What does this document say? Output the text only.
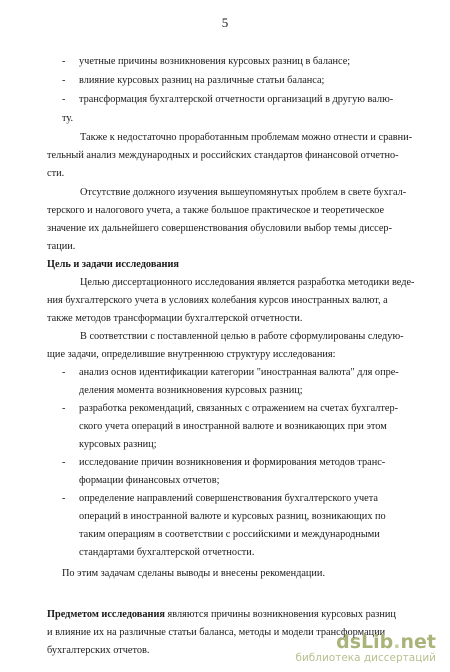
5
- учетные причины возникновения курсовых разниц в балансе;
- влияние курсовых разниц на различные статьи баланса;
- трансформация бухгалтерской отчетности организаций в другую валю-
ту.
Также к недостаточно проработанным проблемам можно отнести и сравни-
тельный анализ международных и российских стандартов финансовой отчетно-
сти.
Отсутствие должного изучения вышеупомянутых проблем в свете бухгал-
терского и налогового учета, а также большое практическое и теоретическое
значение их дальнейшего совершенствования обусловили выбор темы диссер-
тации.
Цель и задачи исследования
Целью диссертационного исследования является разработка методики веде-
ния бухгалтерского учета в условиях колебания курсов иностранных валют, а
также методов трансформации бухгалтерской отчетности.
В соответствии с поставленной целью в работе сформулированы следую-
щие задачи, определившие внутреннюю структуру исследования:
- анализ основ идентификации категории "иностранная валюта" для опре-
деления момента возникновения курсовых разниц;
- разработка рекомендаций, связанных с отражением на счетах бухгалтер-
ского учета операций в иностранной валюте и возникающих при этом
курсовых разниц;
- исследование причин возникновения и формирования методов транс-
формации финансовых отчетов;
- определение направлений совершенствования бухгалтерского учета
операций в иностранной валюте и курсовых разниц, возникающих по
таким операциям в соответствии с российскими и международными
стандартами бухгалтерской отчетности.
По этим задачам сделаны выводы и внесены рекомендации.
Предметом исследования являются причины возникновения курсовых разниц
и влияние их на различные статьи баланса, методы и модели трансформации
бухгалтерских отчетов.	dsLib.net
библиотека диссертаций
